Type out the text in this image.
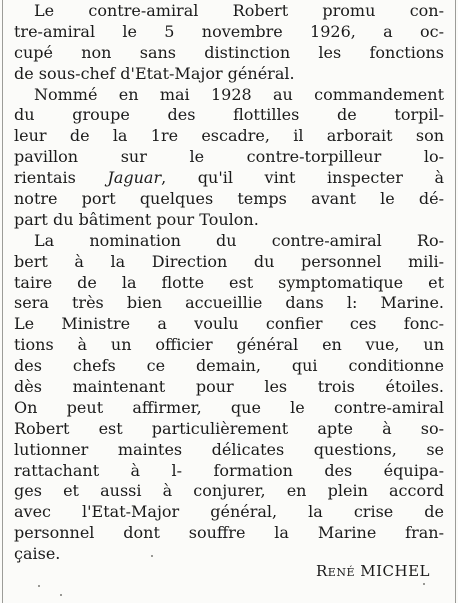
Le contre-amiral Robert promu con-
tre-amiral le 5 novembre 1926, a oc-
cupé non sans distinction les fonctions
de sous-chef d'Etat-Major général.
Nommé en mai 1928 au commandement
du groupe des flottilles de torpil-
leur de la 1re escadre, il arborait son
pavillon sur le contre-torpilleur lo-
rientais Jaguar, qu'il vint inspecter à
notre port quelques temps avant le dé-
part du bâtiment pour Toulon.
La nomination du contre-amiral Ro-
bert à la Direction du personnel mili-
taire de la flotte est symptomatique et
sera très bien accueillie dans l: Marine.
Le Ministre a voulu confier ces fonc-
tions à un officier général en vue, un
des chefs ce demain, qui conditionne
dès maintenant pour les trois étoiles.
On peut affirmer, que le contre-amiral
Robert est particulièrement apte à so-
lutionner maintes délicates questions, se
rattachant à l- formation des équipa-
ges et aussi à conjurer, en plein accord
avec l'Etat-Major général, la crise de
personnel dont souffre la Marine fran-
çaise.
René MICHEL
